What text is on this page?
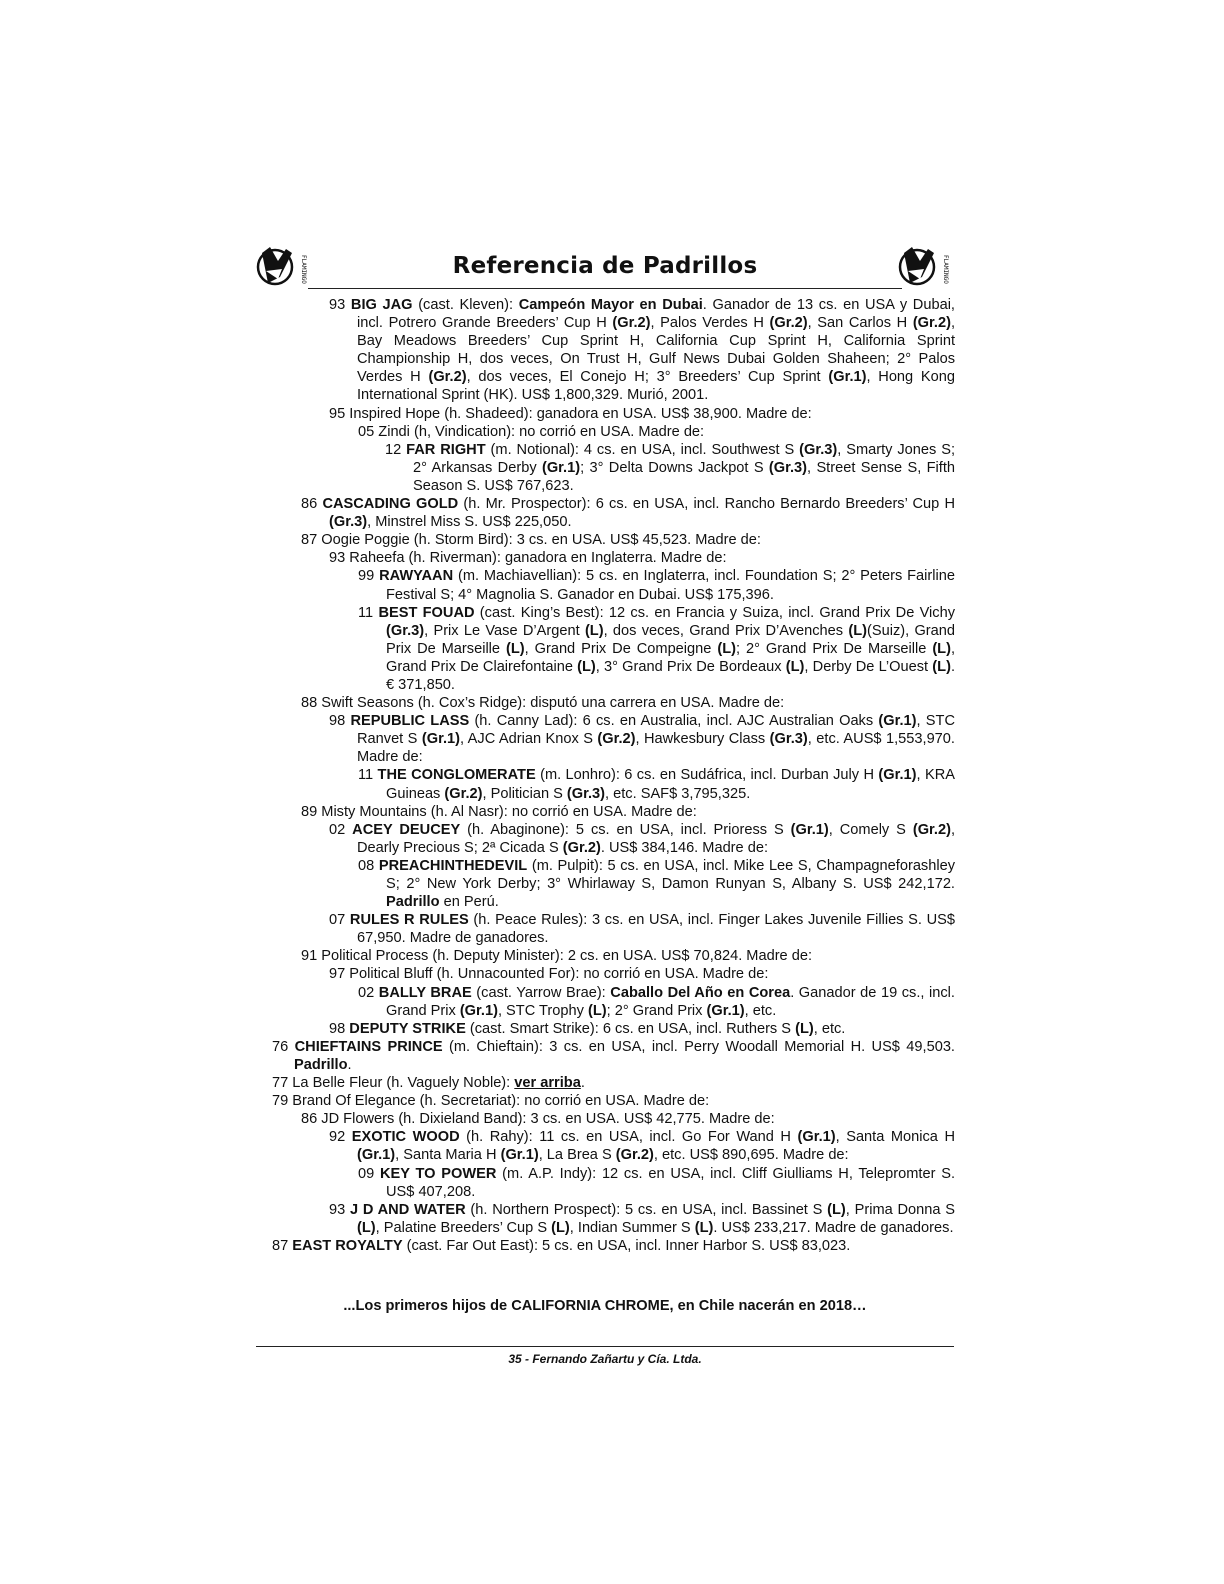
FLAMINGO	Referencia de Padrillos	FLAMINGO
93 BIG JAG (cast. Kleven): Campeón Mayor en Dubai. Ganador de 13 cs. en USA y Dubai, incl. Potrero Grande Breeders’ Cup H (Gr.2), Palos Verdes H (Gr.2), San Carlos H (Gr.2), Bay Meadows Breeders’ Cup Sprint H, California Cup Sprint H, California Sprint Championship H, dos veces, On Trust H, Gulf News Dubai Golden Shaheen; 2° Palos Verdes H (Gr.2), dos veces, El Conejo H; 3° Breeders’ Cup Sprint (Gr.1), Hong Kong International Sprint (HK). US$ 1,800,329. Murió, 2001.
95 Inspired Hope (h. Shadeed): ganadora en USA. US$ 38,900. Madre de:
05 Zindi (h, Vindication): no corrió en USA. Madre de:
12 FAR RIGHT (m. Notional): 4 cs. en USA, incl. Southwest S (Gr.3), Smarty Jones S; 2° Arkansas Derby (Gr.1); 3° Delta Downs Jackpot S (Gr.3), Street Sense S, Fifth Season S. US$ 767,623.
86 CASCADING GOLD (h. Mr. Prospector): 6 cs. en USA, incl. Rancho Bernardo Breeders’ Cup H (Gr.3), Minstrel Miss S. US$ 225,050.
87 Oogie Poggie (h. Storm Bird): 3 cs. en USA. US$ 45,523. Madre de:
93 Raheefa (h. Riverman): ganadora en Inglaterra. Madre de:
99 RAWYAAN (m. Machiavellian): 5 cs. en Inglaterra, incl. Foundation S; 2° Peters Fairline Festival S; 4° Magnolia S. Ganador en Dubai. US$ 175,396.
11 BEST FOUAD (cast. King’s Best): 12 cs. en Francia y Suiza, incl. Grand Prix De Vichy (Gr.3), Prix Le Vase D’Argent (L), dos veces, Grand Prix D’Avenches (L)(Suiz), Grand Prix De Marseille (L), Grand Prix De Compeigne (L); 2° Grand Prix De Marseille (L), Grand Prix De Clairefontaine (L), 3° Grand Prix De Bordeaux (L), Derby De L’Ouest (L). € 371,850.
88 Swift Seasons (h. Cox’s Ridge): disputó una carrera en USA. Madre de:
98 REPUBLIC LASS (h. Canny Lad): 6 cs. en Australia, incl. AJC Australian Oaks (Gr.1), STC Ranvet S (Gr.1), AJC Adrian Knox S (Gr.2), Hawkesbury Class (Gr.3), etc. AUS$ 1,553,970. Madre de:
11 THE CONGLOMERATE (m. Lonhro): 6 cs. en Sudáfrica, incl. Durban July H (Gr.1), KRA Guineas (Gr.2), Politician S (Gr.3), etc. SAF$ 3,795,325.
89 Misty Mountains (h. Al Nasr): no corrió en USA. Madre de:
02 ACEY DEUCEY (h. Abaginone): 5 cs. en USA, incl. Prioress S (Gr.1), Comely S (Gr.2), Dearly Precious S; 2ª Cicada S (Gr.2). US$ 384,146. Madre de:
08 PREACHINTHEDEVIL (m. Pulpit): 5 cs. en USA, incl. Mike Lee S, Champagneforashley S; 2° New York Derby; 3° Whirlaway S, Damon Runyan S, Albany S. US$ 242,172. Padrillo en Perú.
07 RULES R RULES (h. Peace Rules): 3 cs. en USA, incl. Finger Lakes Juvenile Fillies S. US$ 67,950. Madre de ganadores.
91 Political Process (h. Deputy Minister): 2 cs. en USA. US$ 70,824. Madre de:
97 Political Bluff (h. Unnacounted For): no corrió en USA. Madre de:
02 BALLY BRAE (cast. Yarrow Brae): Caballo Del Año en Corea. Ganador de 19 cs., incl. Grand Prix (Gr.1), STC Trophy (L); 2° Grand Prix (Gr.1), etc.
98 DEPUTY STRIKE (cast. Smart Strike): 6 cs. en USA, incl. Ruthers S (L), etc.
76 CHIEFTAINS PRINCE (m. Chieftain): 3 cs. en USA, incl. Perry Woodall Memorial H. US$ 49,503. Padrillo.
77 La Belle Fleur (h. Vaguely Noble): ver arriba.
79 Brand Of Elegance (h. Secretariat): no corrió en USA. Madre de:
86 JD Flowers (h. Dixieland Band): 3 cs. en USA. US$ 42,775. Madre de:
92 EXOTIC WOOD (h. Rahy): 11 cs. en USA, incl. Go For Wand H (Gr.1), Santa Monica H (Gr.1), Santa Maria H (Gr.1), La Brea S (Gr.2), etc. US$ 890,695. Madre de:
09 KEY TO POWER (m. A.P. Indy): 12 cs. en USA, incl. Cliff Giulliams H, Telepromter S. US$ 407,208.
93 J D AND WATER (h. Northern Prospect): 5 cs. en USA, incl. Bassinet S (L), Prima Donna S (L), Palatine Breeders’ Cup S (L), Indian Summer S (L). US$ 233,217. Madre de ganadores.
87 EAST ROYALTY (cast. Far Out East): 5 cs. en USA, incl. Inner Harbor S. US$ 83,023.
...Los primeros hijos de CALIFORNIA CHROME, en Chile nacerán en 2018…
35 - Fernando Zañartu y Cía. Ltda.
